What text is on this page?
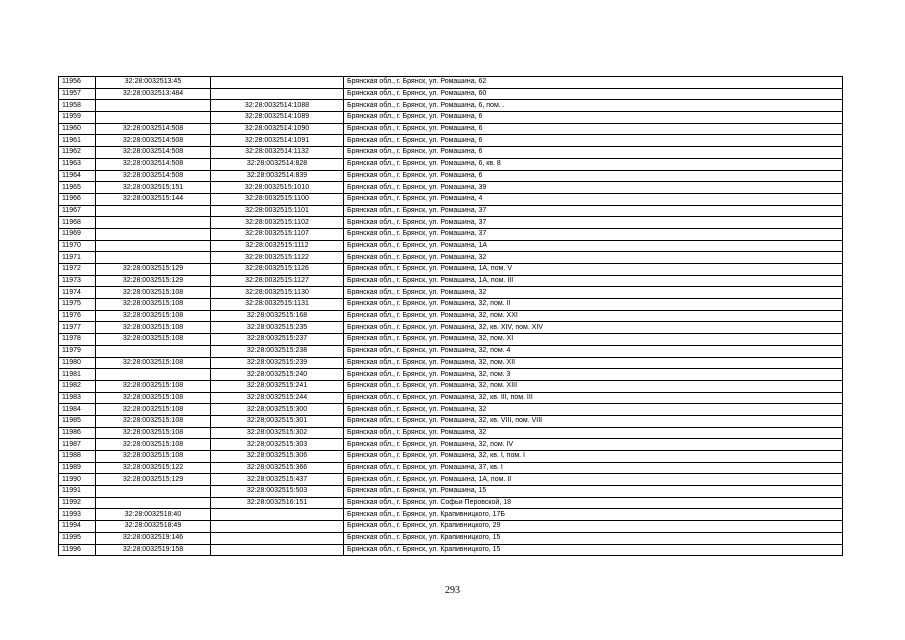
11956	32:28:0032513:45		Брянская обл., г. Брянск, ул. Ромашина, 62
11957	32:28:0032513:484		Брянская обл., г. Брянск, ул. Ромашина, 60
11958		32:28:0032514:1088	Брянская обл., г. Брянск, ул. Ромашина, 6, пом. .
11959		32:28:0032514:1089	Брянская обл., г. Брянск, ул. Ромашина, 6
11960	32:28:0032514:508	32:28:0032514:1090	Брянская обл., г. Брянск, ул. Ромашина, 6
11961	32:28:0032514:508	32:28:0032514:1091	Брянская обл., г. Брянск, ул. Ромашина, 6
11962	32:28:0032514:508	32:28:0032514:1132	Брянская обл., г. Брянск, ул. Ромашина, 6
11963	32:28:0032514:508	32:28:0032514:828	Брянская обл., г. Брянск, ул. Ромашина, 6, кв. 8
11964	32:28:0032514:508	32:28:0032514:839	Брянская обл., г. Брянск, ул. Ромашина, 6
11965	32:28:0032515:151	32:28:0032515:1010	Брянская обл., г. Брянск, ул. Ромашина, 39
11966	32:28:0032515:144	32:28:0032515:1100	Брянская обл., г. Брянск, ул. Ромашина, 4
11967		32:28:0032515:1101	Брянская обл., г. Брянск, ул. Ромашина, 37
11968		32:28:0032515:1102	Брянская обл., г. Брянск, ул. Ромашина, 37
11969		32:28:0032515:1107	Брянская обл., г. Брянск, ул. Ромашина, 37
11970		32:28:0032515:1112	Брянская обл., г. Брянск, ул. Ромашина, 1А
11971		32:28:0032515:1122	Брянская обл., г. Брянск, ул. Ромашина, 32
11972	32:28:0032515:129	32:28:0032515:1126	Брянская обл., г. Брянск, ул. Ромашина, 1А, пом. V
11973	32:28:0032515:129	32:28:0032515:1127	Брянская обл., г. Брянск, ул. Ромашина, 1А, пом. III
11974	32:28:0032515:108	32:28:0032515:1130	Брянская обл., г. Брянск, ул. Ромашина, 32
11975	32:28:0032515:108	32:28:0032515:1131	Брянская обл., г. Брянск, ул. Ромашина, 32, пом. II
11976	32:28:0032515:108	32:28:0032515:168	Брянская обл., г. Брянск, ул. Ромашина, 32, пом. XXI
11977	32:28:0032515:108	32:28:0032515:235	Брянская обл., г. Брянск, ул. Ромашина, 32, кв. XIV, пом. XIV
11978	32:28:0032515:108	32:28:0032515:237	Брянская обл., г. Брянск, ул. Ромашина, 32, пом. XI
11979		32:28:0032515:238	Брянская обл., г. Брянск, ул. Ромашина, 32, пом. 4
11980	32:28:0032515:108	32:28:0032515:239	Брянская обл., г. Брянск, ул. Ромашина, 32, пом. XII
11981		32:28:0032515:240	Брянская обл., г. Брянск, ул. Ромашина, 32, пом. 3
11982	32:28:0032515:108	32:28:0032515:241	Брянская обл., г. Брянск, ул. Ромашина, 32, пом. XIII
11983	32:28:0032515:108	32:28:0032515:244	Брянская обл., г. Брянск, ул. Ромашина, 32, кв. III, пом. III
11984	32:28:0032515:108	32:28:0032515:300	Брянская обл., г. Брянск, ул. Ромашина, 32
11985	32:28:0032515:108	32:28:0032515:301	Брянская обл., г. Брянск, ул. Ромашина, 32, кв. VIII, пом. VIII
11986	32:28:0032515:108	32:28:0032515:302	Брянская обл., г. Брянск, ул. Ромашина, 32
11987	32:28:0032515:108	32:28:0032515:303	Брянская обл., г. Брянск, ул. Ромашина, 32, пом. IV
11988	32:28:0032515:108	32:28:0032515:306	Брянская обл., г. Брянск, ул. Ромашина, 32, кв. I, пом. I
11989	32:28:0032515:122	32:28:0032515:366	Брянская обл., г. Брянск, ул. Ромашина, 37, кв. I
11990	32:28:0032515:129	32:28:0032515:437	Брянская обл., г. Брянск, ул. Ромашина, 1А, пом. II
11991		32:28:0032515:503	Брянская обл., г. Брянск, ул. Ромашина, 15
11992		32:28:0032516:151	Брянская обл., г. Брянск, ул. Софьи Перовской, 18
11993	32:28:0032518:40		Брянская обл., г. Брянск, ул. Крапивницкого, 17Б
11994	32:28:0032518:49		Брянская обл., г. Брянск, ул. Крапивницкого, 29
11995	32:28:0032519:146		Брянская обл., г. Брянск, ул. Крапивницкого, 15
11996	32:28:0032519:158		Брянская обл., г. Брянск, ул. Крапивницкого, 15
293
